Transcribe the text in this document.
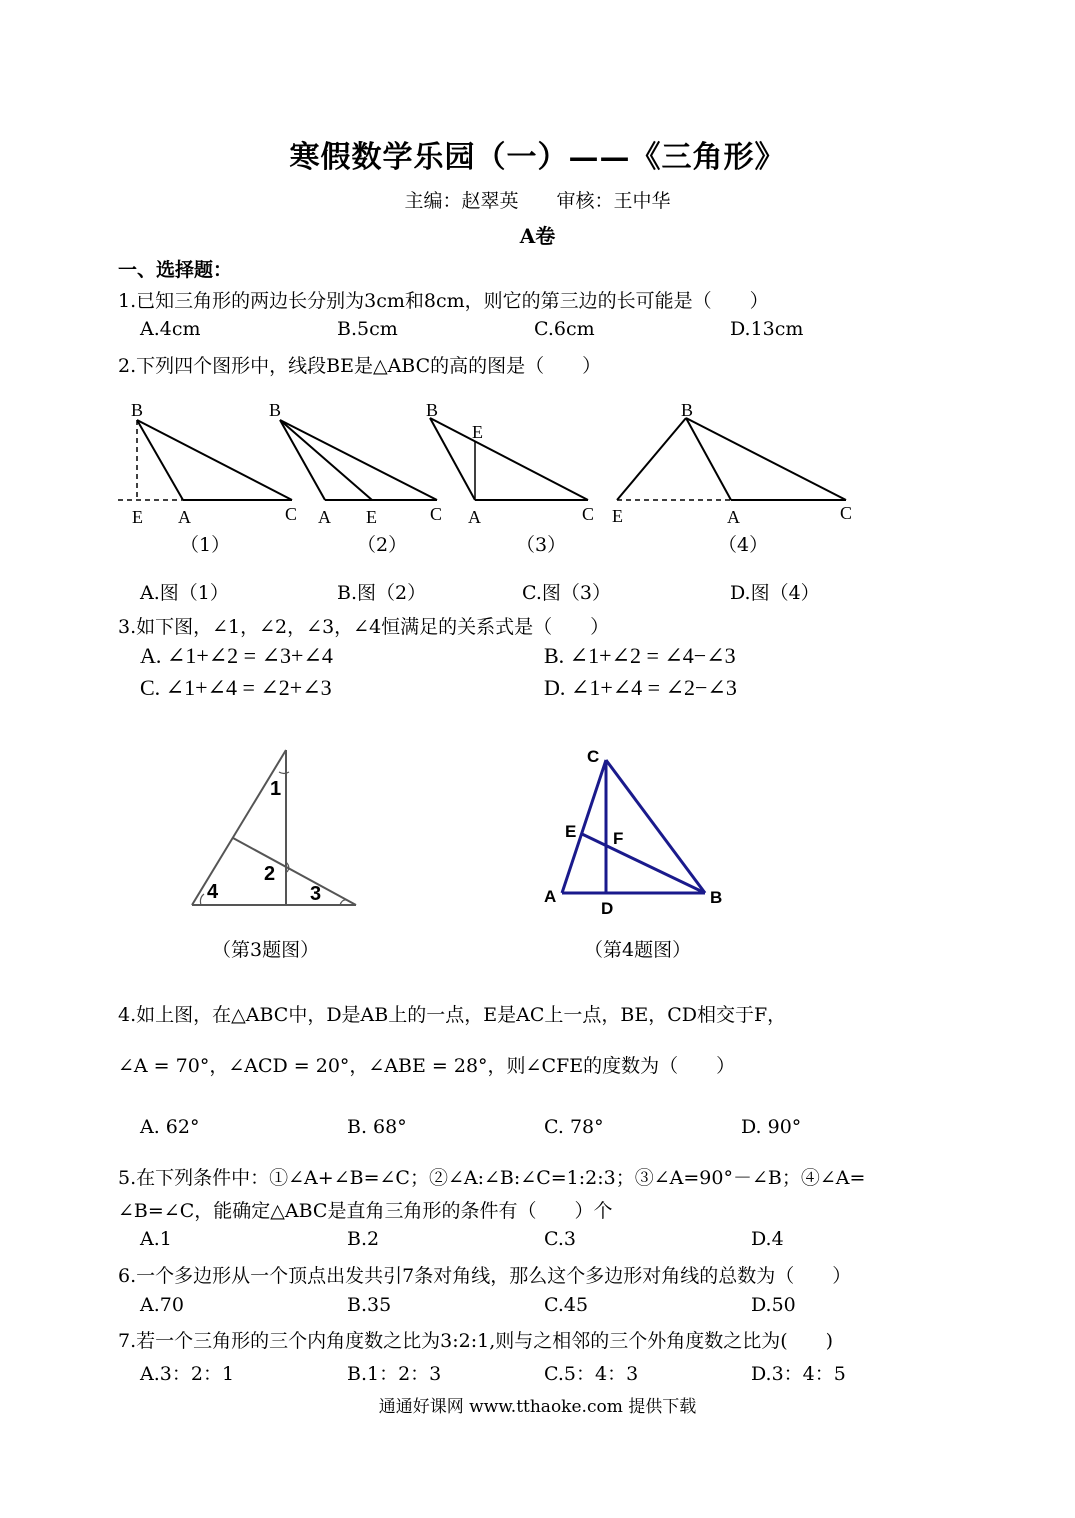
寒假数学乐园（一）——《三角形》
主编：赵翠英 审核：王中华
A卷
一、选择题：
1.已知三角形的两边长分别为3cm和8cm，则它的第三边的长可能是（　　）
A.4cm	B.5cm	C.6cm	D.13cm
2.下列四个图形中，线段BE是△ABC的高的图是（　　）
B
E A	C
（1）
B
A E	C
（2）
B
E
A	C
（3）
B
E	A	C
（4）
A.图（1）	B.图（2）	C.图（3）	D.图（4）
3.如下图，∠1，∠2，∠3，∠4恒满足的关系式是（　　）
A. ∠1+∠2 = ∠3+∠4	B. ∠1+∠2 = ∠4−∠3
C. ∠1+∠4 = ∠2+∠3	D. ∠1+∠4 = ∠2−∠3
1
2
3
4
（第3题图）
C
E F
A
D
B
（第4题图）
4.如上图，在△ABC中，D是AB上的一点，E是AC上一点，BE，CD相交于F，
∠A = 70°，∠ACD = 20°，∠ABE = 28°，则∠CFE的度数为（　　）
A. 62°	B. 68°	C. 78°	D. 90°
5.在下列条件中：①∠A+∠B=∠C；②∠A:∠B:∠C=1:2:3；③∠A=90°－∠B；④∠A=
∠B=∠C，能确定△ABC是直角三角形的条件有（　　）个
A.1	B.2	C.3	D.4
6.一个多边形从一个顶点出发共引7条对角线，那么这个多边形对角线的总数为（　　）
A.70	B.35	C.45	D.50
7.若一个三角形的三个内角度数之比为3:2:1,则与之相邻的三个外角度数之比为(　　)
A.3：2：1	B.1：2：3	C.5：4：3	D.3：4：5
通通好课网 www.tthaoke.com 提供下载
